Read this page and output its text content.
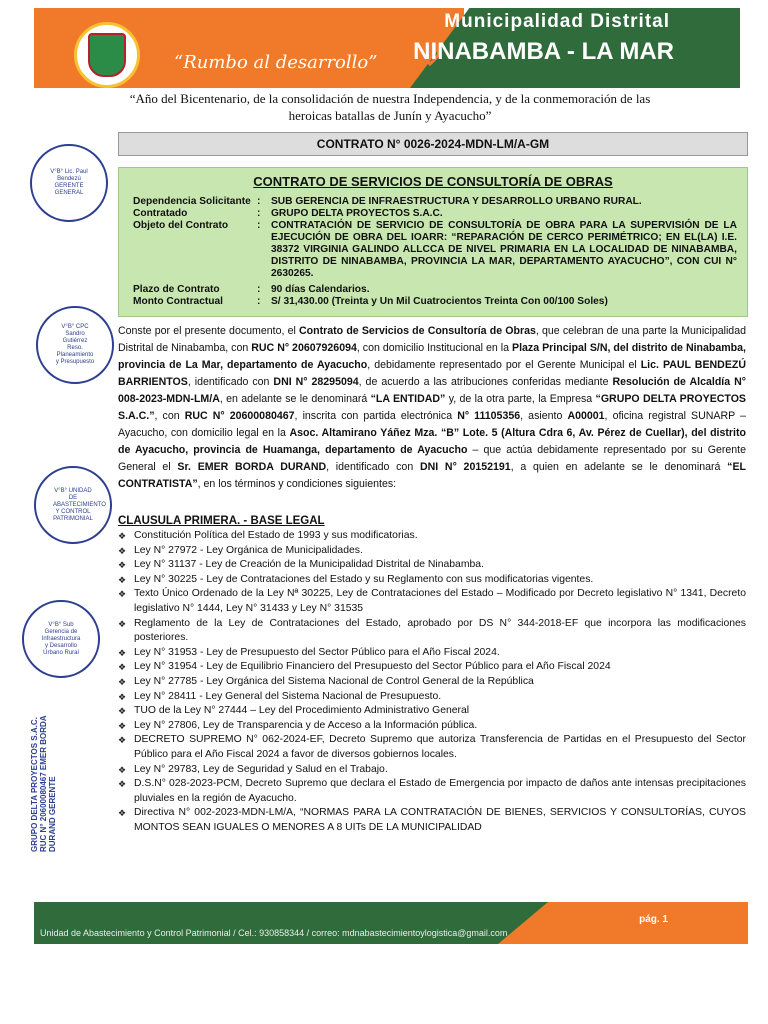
“Rumbo al desarrollo”
Municipalidad Distrital
NINABAMBA - LA MAR
“Año del Bicentenario, de la consolidación de nuestra Independencia, y de la conmemoración de las heroicas batallas de Junín y Ayacucho”
CONTRATO N° 0026-2024-MDN-LM/A-GM
CONTRATO DE SERVICIOS DE CONSULTORÍA DE OBRAS
Dependencia Solicitante :	SUB GERENCIA DE INFRAESTRUCTURA Y DESARROLLO URBANO RURAL.
Contratado	:	GRUPO DELTA PROYECTOS S.A.C.
Objeto del Contrato	:	CONTRATACIÓN DE SERVICIO DE CONSULTORÍA DE OBRA PARA LA SUPERVISIÓN DE LA EJECUCIÓN DE OBRA DEL IOARR: “REPARACIÓN DE CERCO PERIMÉTRICO; EN EL(LA) I.E. 38372 VIRGINIA GALINDO ALLCCA DE NIVEL PRIMARIA EN LA LOCALIDAD DE NINABAMBA, DISTRITO DE NINABAMBA, PROVINCIA LA MAR, DEPARTAMENTO AYACUCHO”, CON CUI N° 2630265.
Plazo de Contrato	:	90 días Calendarios.
Monto Contractual	:	S/ 31,430.00 (Treinta y Un Mil Cuatrocientos Treinta Con 00/100 Soles)
V°B° Lic. Paul Bendezú GERENTE GENERAL
V°B° CPC Sandro Gutiérrez Reso. Planeamiento y Presupuesto
V°B° UNIDAD DE ABASTECIMIENTO Y CONTROL PATRIMONIAL
V°B° Sub Gerencia de Infraestructura y Desarrollo Urbano Rural
GRUPO DELTA PROYECTOS S.A.C. RUC N° 20600080467 EMER BORDA DURAND GERENTE
Conste por el presente documento, el Contrato de Servicios de Consultoría de Obras, que celebran de una parte la Municipalidad Distrital de Ninabamba, con RUC N° 20607926094, con domicilio Institucional en la Plaza Principal S/N, del distrito de Ninabamba, provincia de La Mar, departamento de Ayacucho, debidamente representado por el Gerente Municipal el Lic. PAUL BENDEZÚ BARRIENTOS, identificado con DNI N° 28295094, de acuerdo a las atribuciones conferidas mediante Resolución de Alcaldía N° 008-2023-MDN-LM/A, en adelante se le denominará “LA ENTIDAD” y, de la otra parte, la Empresa “GRUPO DELTA PROYECTOS S.A.C.”, con RUC N° 20600080467, inscrita con partida electrónica N° 11105356, asiento A00001, oficina registral SUNARP – Ayacucho, con domicilio legal en la Asoc. Altamirano Yáñez Mza. “B” Lote. 5 (Altura Cdra 6, Av. Pérez de Cuellar), del distrito de Ayacucho, provincia de Huamanga, departamento de Ayacucho – que actúa debidamente representado por su Gerente General el Sr. EMER BORDA DURAND, identificado con DNI N° 20152191, a quien en adelante se le denominará “EL CONTRATISTA”, en los términos y condiciones siguientes:
CLAUSULA PRIMERA. - BASE LEGAL
❖ Constitución Política del Estado de 1993 y sus modificatorias.
❖ Ley N° 27972 - Ley Orgánica de Municipalidades.
❖ Ley N° 31137 - Ley de Creación de la Municipalidad Distrital de Ninabamba.
❖ Ley N° 30225 - Ley de Contrataciones del Estado y su Reglamento con sus modificatorias vigentes.
❖ Texto Único Ordenado de la Ley Nª 30225, Ley de Contrataciones del Estado – Modificado por Decreto legislativo N° 1341, Decreto legislativo N° 1444, Ley N° 31433 y Ley N° 31535
❖ Reglamento de la Ley de Contrataciones del Estado, aprobado por DS N° 344-2018-EF que incorpora las modificaciones posteriores.
❖ Ley N° 31953 - Ley de Presupuesto del Sector Público para el Año Fiscal 2024.
❖ Ley N° 31954 - Ley de Equilibrio Financiero del Presupuesto del Sector Público para el Año Fiscal 2024
❖ Ley N° 27785 - Ley Orgánica del Sistema Nacional de Control General de la República
❖ Ley N° 28411 - Ley General del Sistema Nacional de Presupuesto.
❖ TUO de la Ley N° 27444 – Ley del Procedimiento Administrativo General
❖ Ley N° 27806, Ley de Transparencia y de Acceso a la Información pública.
❖ DECRETO SUPREMO N° 062-2024-EF, Decreto Supremo que autoriza Transferencia de Partidas en el Presupuesto del Sector Público para el Año Fiscal 2024 a favor de diversos gobiernos locales.
❖ Ley N° 29783, Ley de Seguridad y Salud en el Trabajo.
❖ D.S.N° 028-2023-PCM, Decreto Supremo que declara el Estado de Emergencia por impacto de daños ante intensas precipitaciones pluviales en la región de Ayacucho.
❖ Directiva N° 002-2023-MDN-LM/A, “NORMAS PARA LA CONTRATACIÓN DE BIENES, SERVICIOS Y CONSULTORÍAS, CUYOS MONTOS SEAN IGUALES O MENORES A 8 UITs DE LA MUNICIPALIDAD
Unidad de Abastecimiento y Control Patrimonial / Cel.: 930858344 / correo: mdnabastecimientoylogistica@gmail.com
pág. 1
